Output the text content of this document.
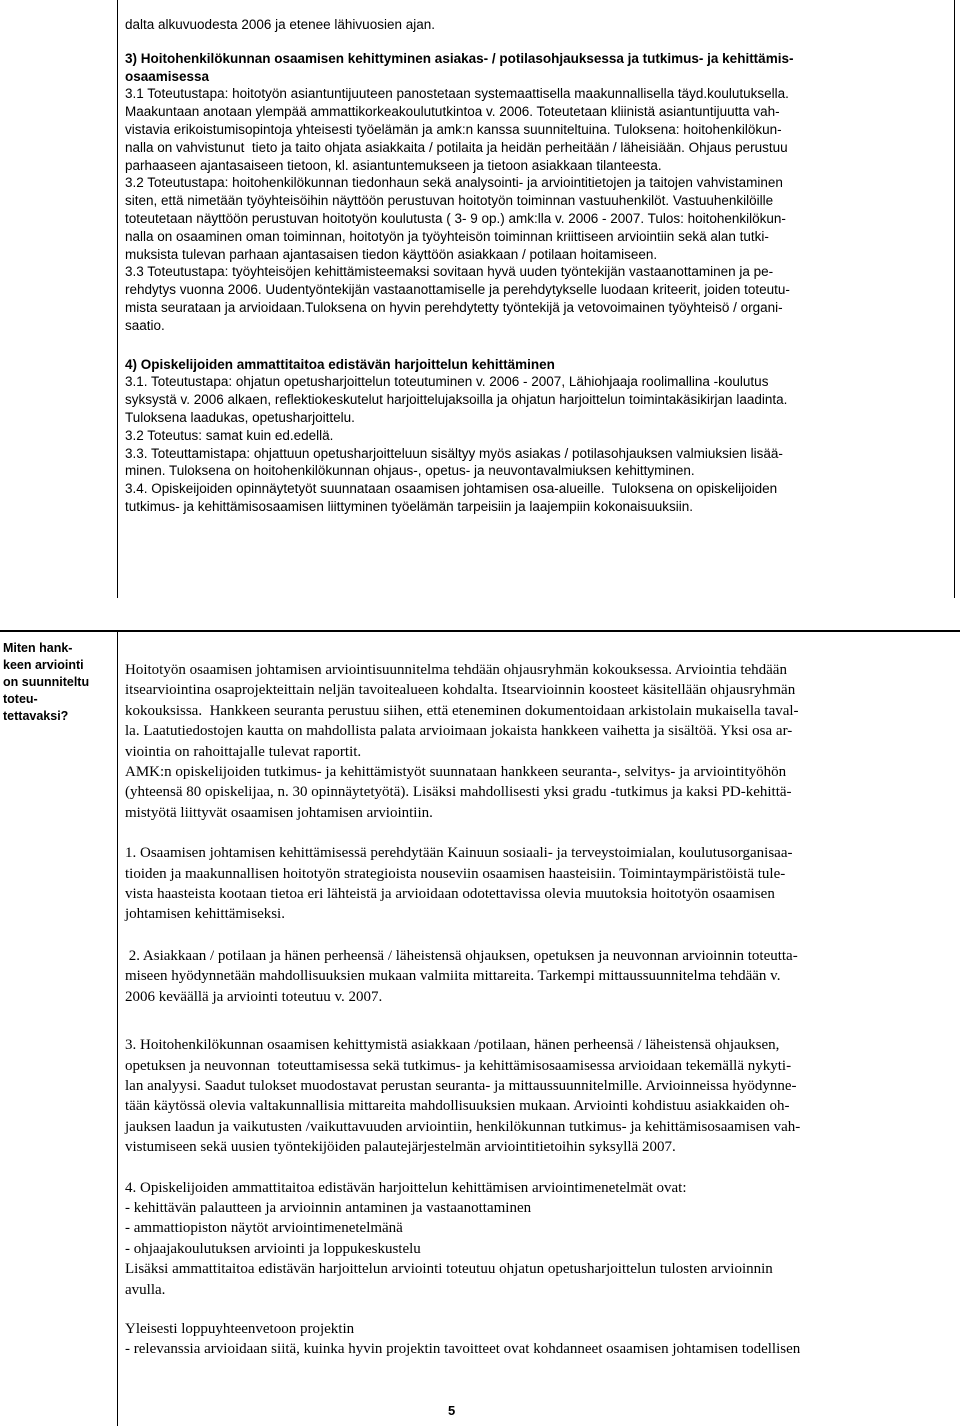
dalta alkuvuodesta 2006 ja etenee lähivuosien ajan.

3) Hoitohenkilökunnan osaamisen kehittyminen asiakas- / potilasohjauksessa ja tutkimus- ja kehittämis-

osaamisessa

3.1 Toteutustapa: hoitotyön asiantuntijuuteen panostetaan systemaattisella maakunnallisella täyd.koulutuksella.

Maakuntaan anotaan ylempää ammattikorkeakoulututkintoa v. 2006. Toteutetaan kliinistä asiantuntijuutta vah-

vistavia erikoistumisopintoja yhteisesti työelämän ja amk:n kanssa suunniteltuina. Tuloksena: hoitohenkilökun-

nalla on vahvistunut  tieto ja taito ohjata asiakkaita / potilaita ja heidän perheitään / läheisiään. Ohjaus perustuu

parhaaseen ajantasaiseen tietoon, kl. asiantuntemukseen ja tietoon asiakkaan tilanteesta.

3.2 Toteutustapa: hoitohenkilökunnan tiedonhaun sekä analysointi- ja arviointitietojen ja taitojen vahvistaminen

siten, että nimetään työyhteisöihin näyttöön perustuvan hoitotyön toiminnan vastuuhenkilöt. Vastuuhenkilöille

toteutetaan näyttöön perustuvan hoitotyön koulutusta ( 3- 9 op.) amk:lla v. 2006 - 2007. Tulos: hoitohenkilökun-

nalla on osaaminen oman toiminnan, hoitotyön ja työyhteisön toiminnan kriittiseen arviointiin sekä alan tutki-

muksista tulevan parhaan ajantasaisen tiedon käyttöön asiakkaan / potilaan hoitamiseen.

3.3 Toteutustapa: työyhteisöjen kehittämisteemaksi sovitaan hyvä uuden työntekijän vastaanottaminen ja pe-

rehdytys vuonna 2006. Uudentyöntekijän vastaanottamiselle ja perehdytykselle luodaan kriteerit, joiden toteutu-

mista seurataan ja arvioidaan.Tuloksena on hyvin perehdytetty työntekijä ja vetovoimainen työyhteisö / organi-

saatio.

4) Opiskelijoiden ammattitaitoa edistävän harjoittelun kehittäminen

3.1. Toteutustapa: ohjatun opetusharjoittelun toteutuminen v. 2006 - 2007, Lähiohjaaja roolimallina -koulutus

syksystä v. 2006 alkaen, reflektiokeskutelut harjoittelujaksoilla ja ohjatun harjoittelun toimintakäsikirjan laadinta.

Tuloksena laadukas, opetusharjoittelu.

3.2 Toteutus: samat kuin ed.edellä.

3.3. Toteuttamistapa: ohjattuun opetusharjoitteluun sisältyy myös asiakas / potilasohjauksen valmiuksien lisää-

minen. Tuloksena on hoitohenkilökunnan ohjaus-, opetus- ja neuvontavalmiuksen kehittyminen.

3.4. Opiskeijoiden opinnäytetyöt suunnataan osaamisen johtamisen osa-alueille.  Tuloksena on opiskelijoiden

tutkimus- ja kehittämisosaamisen liittyminen työelämän tarpeisiin ja laajempiin kokonaisuuksiin.

Miten hank-

keen arviointi

on suunniteltu

toteu-

tettavaksi?

Hoitotyön osaamisen johtamisen arviointisuunnitelma tehdään ohjausryhmän kokouksessa. Arviointia tehdään

itsearviointina osaprojekteittain neljän tavoitealueen kohdalta. Itsearvioinnin koosteet käsitellään ohjausryhmän

kokouksissa.  Hankkeen seuranta perustuu siihen, että eteneminen dokumentoidaan arkistolain mukaisella taval-

la. Laatutiedostojen kautta on mahdollista palata arvioimaan jokaista hankkeen vaihetta ja sisältöä. Yksi osa ar-

viointia on rahoittajalle tulevat raportit.

AMK:n opiskelijoiden tutkimus- ja kehittämistyöt suunnataan hankkeen seuranta-, selvitys- ja arviointityöhön

(yhteensä 80 opiskelijaa, n. 30 opinnäytetyötä). Lisäksi mahdollisesti yksi gradu -tutkimus ja kaksi PD-kehittä-

mistyötä liittyvät osaamisen johtamisen arviointiin.

1. Osaamisen johtamisen kehittämisessä perehdytään Kainuun sosiaali- ja terveystoimialan, koulutusorganisaa-

tioiden ja maakunnallisen hoitotyön strategioista nouseviin osaamisen haasteisiin. Toimintaympäristöistä tule-

vista haasteista kootaan tietoa eri lähteistä ja arvioidaan odotettavissa olevia muutoksia hoitotyön osaamisen

johtamisen kehittämiseksi.

2. Asiakkaan / potilaan ja hänen perheensä / läheistensä ohjauksen, opetuksen ja neuvonnan arvioinnin toteutta-

miseen hyödynnetään mahdollisuuksien mukaan valmiita mittareita. Tarkempi mittaussuunnitelma tehdään v.

2006 keväällä ja arviointi toteutuu v. 2007.

3. Hoitohenkilökunnan osaamisen kehittymistä asiakkaan /potilaan, hänen perheensä / läheistensä ohjauksen,

opetuksen ja neuvonnan  toteuttamisessa sekä tutkimus- ja kehittämisosaamisessa arvioidaan tekemällä nykyti-

lan analyysi. Saadut tulokset muodostavat perustan seuranta- ja mittaussuunnitelmille. Arvioinneissa hyödynne-

tään käytössä olevia valtakunnallisia mittareita mahdollisuuksien mukaan. Arviointi kohdistuu asiakkaiden oh-

jauksen laadun ja vaikutusten /vaikuttavuuden arviointiin, henkilökunnan tutkimus- ja kehittämisosaamisen vah-

vistumiseen sekä uusien työntekijöiden palautejärjestelmän arviointitietoihin syksyllä 2007.

4. Opiskelijoiden ammattitaitoa edistävän harjoittelun kehittämisen arviointimenetelmät ovat:

- kehittävän palautteen ja arvioinnin antaminen ja vastaanottaminen

- ammattiopiston näytöt arviointimenetelmänä

- ohjaajakoulutuksen arviointi ja loppukeskustelu

Lisäksi ammattitaitoa edistävän harjoittelun arviointi toteutuu ohjatun opetusharjoittelun tulosten arvioinnin

avulla.

Yleisesti loppuyhteenvetoon projektin

- relevanssia arvioidaan siitä, kuinka hyvin projektin tavoitteet ovat kohdanneet osaamisen johtamisen todellisen

5
